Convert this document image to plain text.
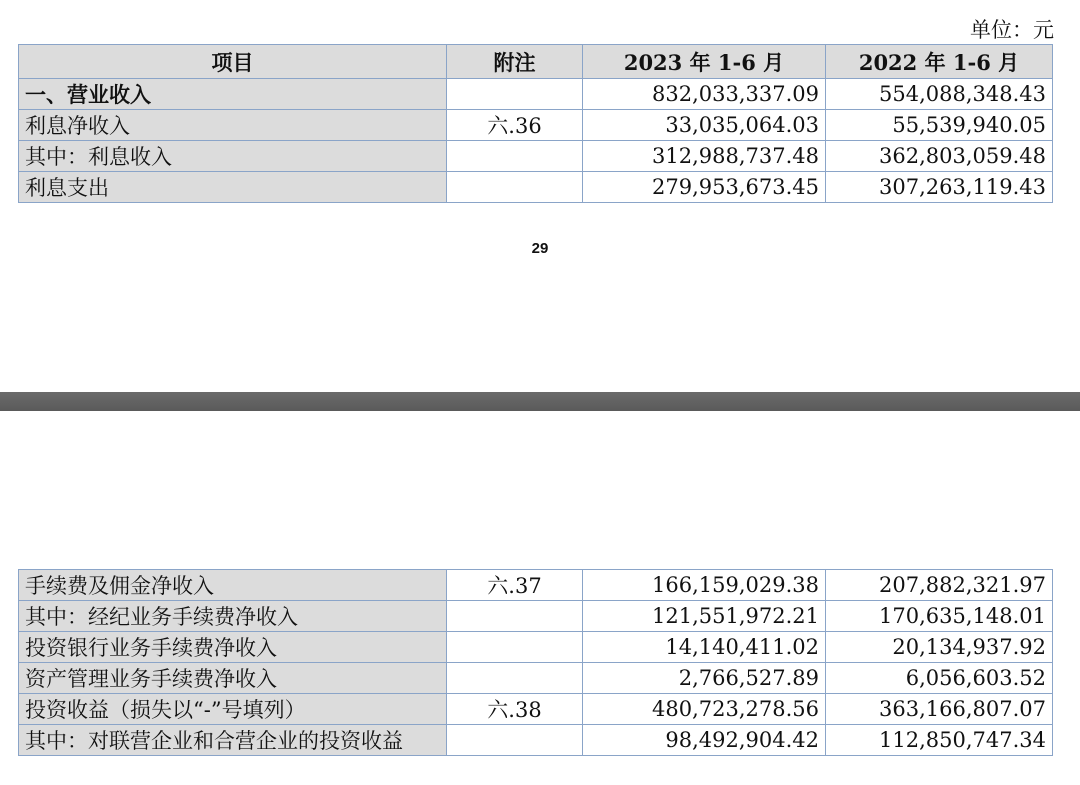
单位：元
项目	附注	2023 年 1-6 月	2022 年 1-6 月
一、营业收入		832,033,337.09	554,088,348.43
利息净收入	六.36	33,035,064.03	55,539,940.05
其中：利息收入		312,988,737.48	362,803,059.48
利息支出		279,953,673.45	307,263,119.43
29
手续费及佣金净收入	六.37	166,159,029.38	207,882,321.97
其中：经纪业务手续费净收入		121,551,972.21	170,635,148.01
投资银行业务手续费净收入		14,140,411.02	20,134,937.92
资产管理业务手续费净收入		2,766,527.89	6,056,603.52
投资收益（损失以“-”号填列）	六.38	480,723,278.56	363,166,807.07
其中：对联营企业和合营企业的投资收益		98,492,904.42	112,850,747.34
